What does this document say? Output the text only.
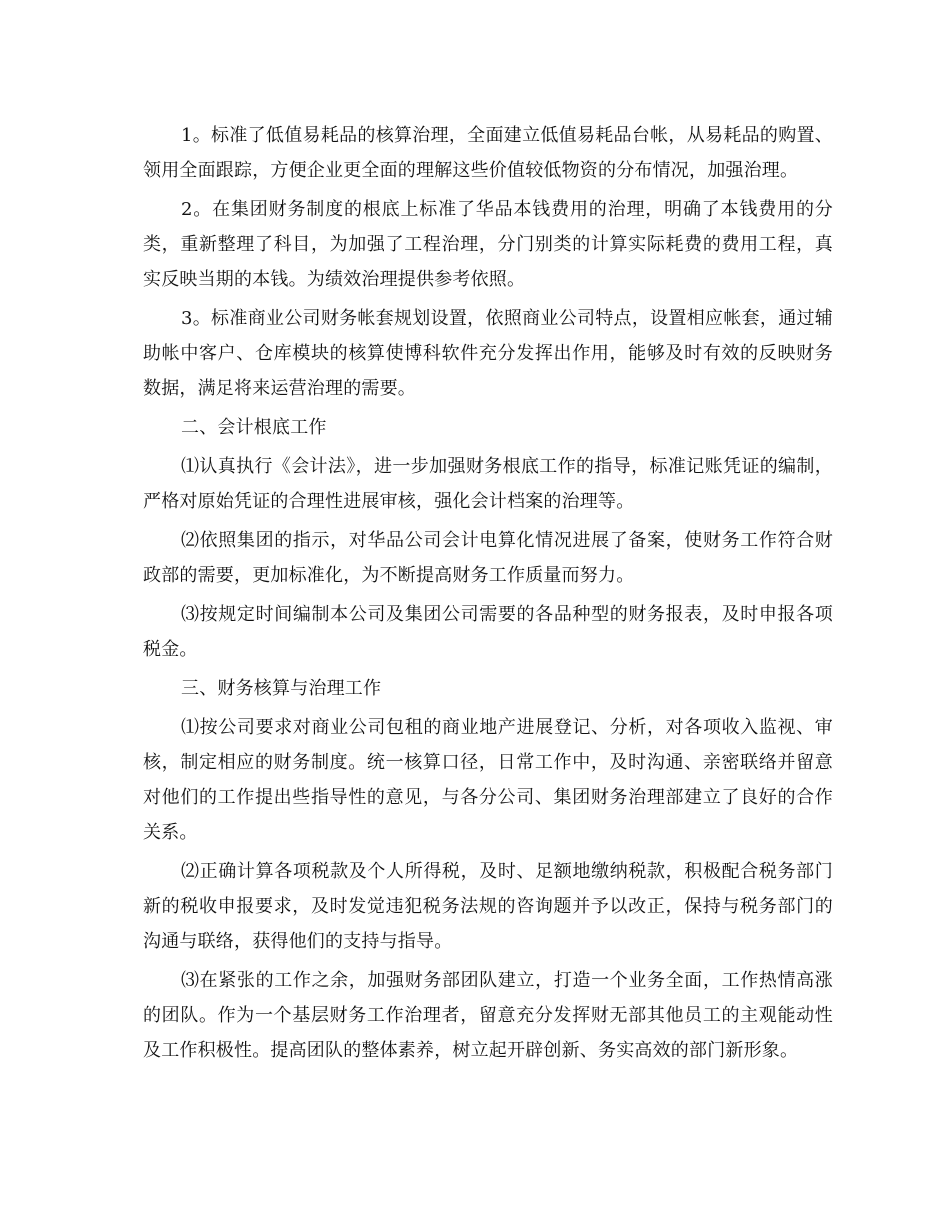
1。标准了低值易耗品的核算治理，全面建立低值易耗品台帐，从易耗品的购置、领用全面跟踪，方便企业更全面的理解这些价值较低物资的分布情况，加强治理。

2。在集团财务制度的根底上标准了华品本钱费用的治理，明确了本钱费用的分类，重新整理了科目，为加强了工程治理，分门别类的计算实际耗费的费用工程，真实反映当期的本钱。为绩效治理提供参考依照。

3。标准商业公司财务帐套规划设置，依照商业公司特点，设置相应帐套，通过辅助帐中客户、仓库模块的核算使博科软件充分发挥出作用，能够及时有效的反映财务数据，满足将来运营治理的需要。

二、会计根底工作

⑴认真执行《会计法》，进一步加强财务根底工作的指导，标准记账凭证的编制，严格对原始凭证的合理性进展审核，强化会计档案的治理等。

⑵依照集团的指示，对华品公司会计电算化情况进展了备案，使财务工作符合财政部的需要，更加标准化，为不断提高财务工作质量而努力。

⑶按规定时间编制本公司及集团公司需要的各品种型的财务报表，及时申报各项税金。

三、财务核算与治理工作

⑴按公司要求对商业公司包租的商业地产进展登记、分析，对各项收入监视、审核，制定相应的财务制度。统一核算口径，日常工作中，及时沟通、亲密联络并留意对他们的工作提出些指导性的意见，与各分公司、集团财务治理部建立了良好的合作关系。

⑵正确计算各项税款及个人所得税，及时、足额地缴纳税款，积极配合税务部门新的税收申报要求，及时发觉违犯税务法规的咨询题并予以改正，保持与税务部门的沟通与联络，获得他们的支持与指导。

⑶在紧张的工作之余，加强财务部团队建立，打造一个业务全面，工作热情高涨的团队。作为一个基层财务工作治理者，留意充分发挥财无部其他员工的主观能动性及工作积极性。提高团队的整体素养，树立起开辟创新、务实高效的部门新形象。
